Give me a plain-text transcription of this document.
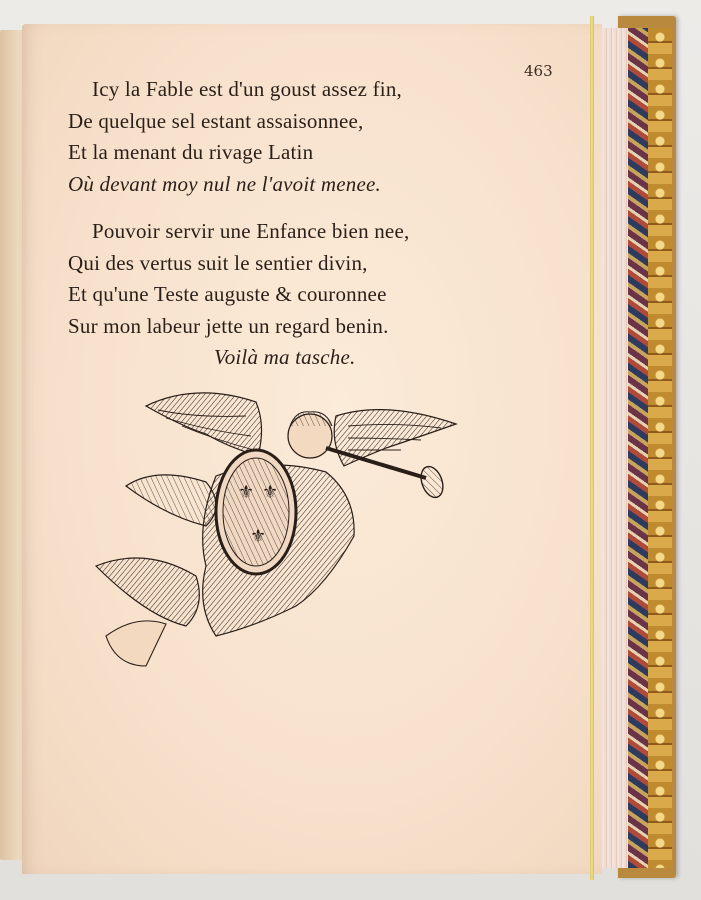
463
Icy la Fable est d'un goust assez fin,
De quelque sel estant assaisonnee,
Et la menant du rivage Latin
Où devant moy nul ne l'avoit menee.
Pouvoir servir une Enfance bien nee,
Qui des vertus suit le sentier divin,
Et qu'une Teste auguste & couronnee
Sur mon labeur jette un regard benin.
Voilà ma tasche.
⚜ ⚜
⚜
